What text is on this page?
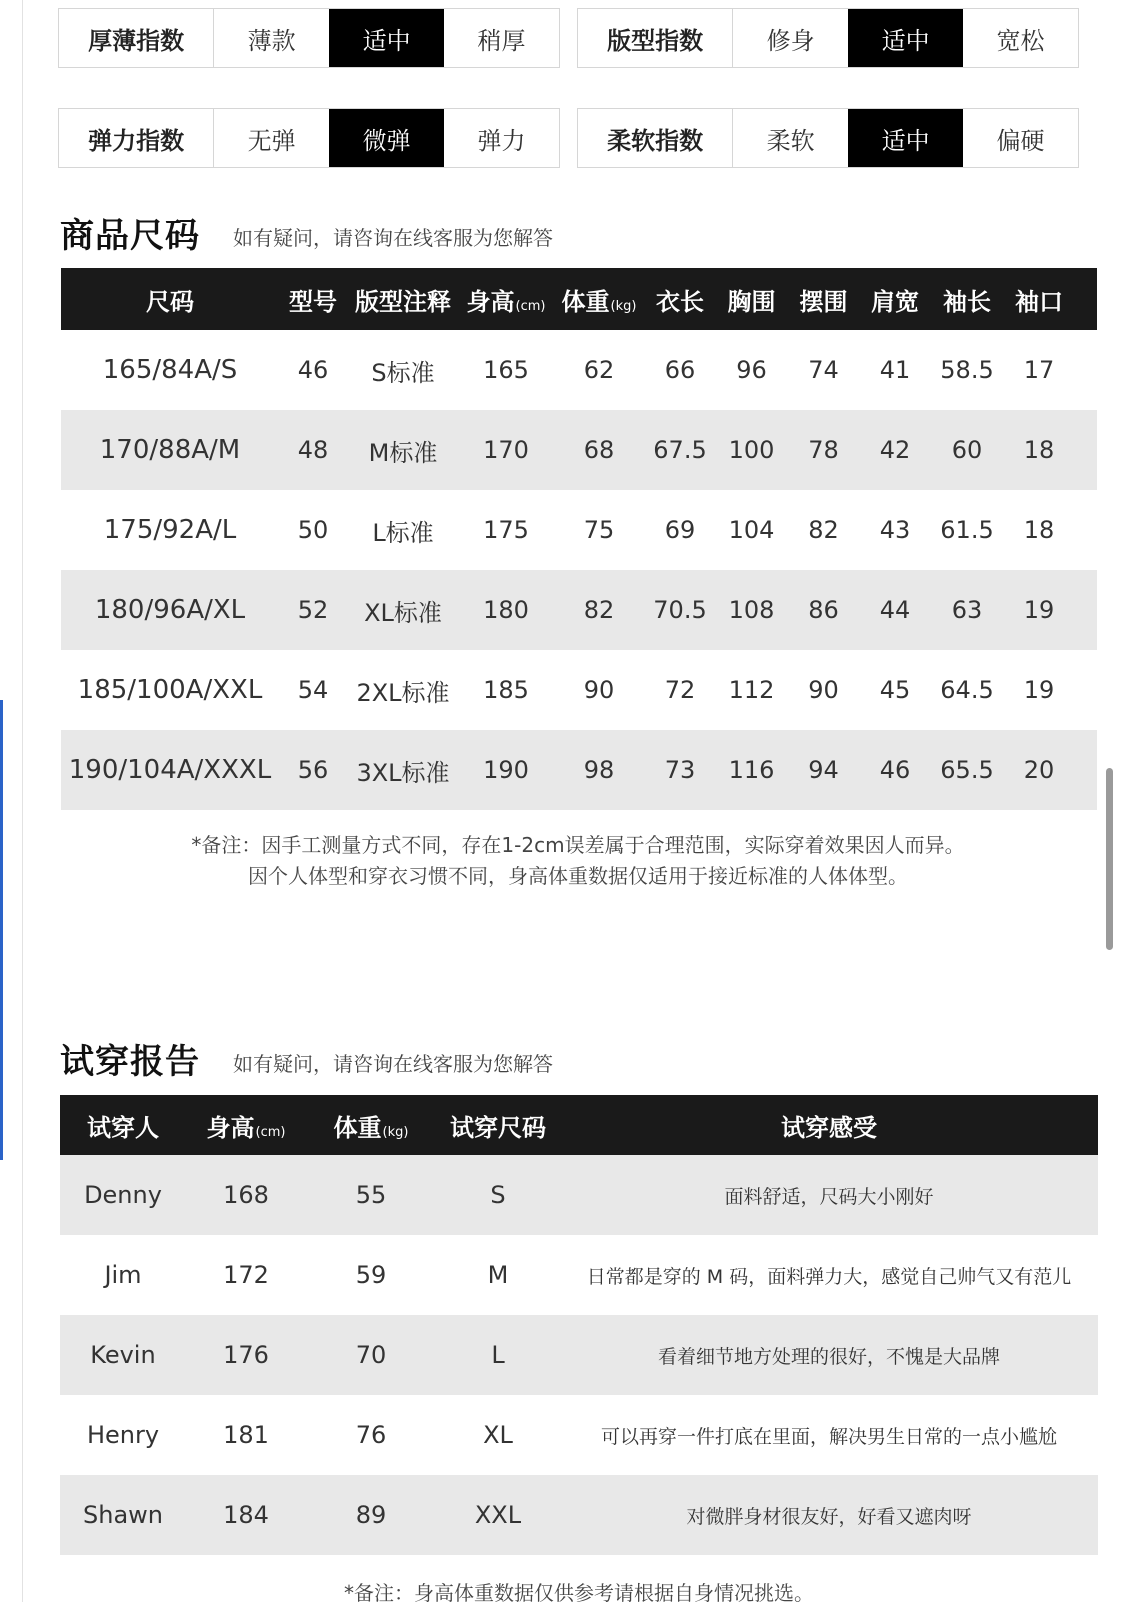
厚薄指数	薄款	适中	稍厚	版型指数	修身	适中	宽松
弹力指数	无弹	微弹	弹力	柔软指数	柔软	适中	偏硬
商品尺码 如有疑问，请咨询在线客服为您解答
尺码	型号 版型注释 身高 (cm) 体重 (kg) 衣长 胸围 摆围 肩宽 袖长 袖口
165/84A/S	46	S标准	165	62	66	96	74	41	58.5	17
170/88A/M	48	M标准	170	68	67.5 100	78	42	60	18
175/92A/L	50	L标准	175	75	69	104	82	43	61.5	18
180/96A/XL	52	XL标准	180	82	70.5 108	86	44	63	19
185/100A/XXL	54	2XL标准	185	90	72	112	90	45	64.5	19
190/104A/XXXL	56	3XL标准	190	98	73	116	94	46	65.5	20
*备注：因手工测量方式不同，存在1-2cm误差属于合理范围，实际穿着效果因人而异。
因个人体型和穿衣习惯不同，身高体重数据仅适用于接近标准的人体体型。
试穿报告 如有疑问，请咨询在线客服为您解答
试穿人 身高 (cm) 体重 (kg) 试穿尺码	试穿感受
Denny	168	55	S	面料舒适，尺码大小刚好
Jim	172	59	M	日常都是穿的 M 码，面料弹力大，感觉自己帅气又有范儿
Kevin	176	70	L	看着细节地方处理的很好，不愧是大品牌
Henry	181	76	XL	可以再穿一件打底在里面，解决男生日常的一点小尴尬
Shawn	184	89	XXL	对微胖身材很友好，好看又遮肉呀
*备注：身高体重数据仅供参考请根据自身情况挑选。
